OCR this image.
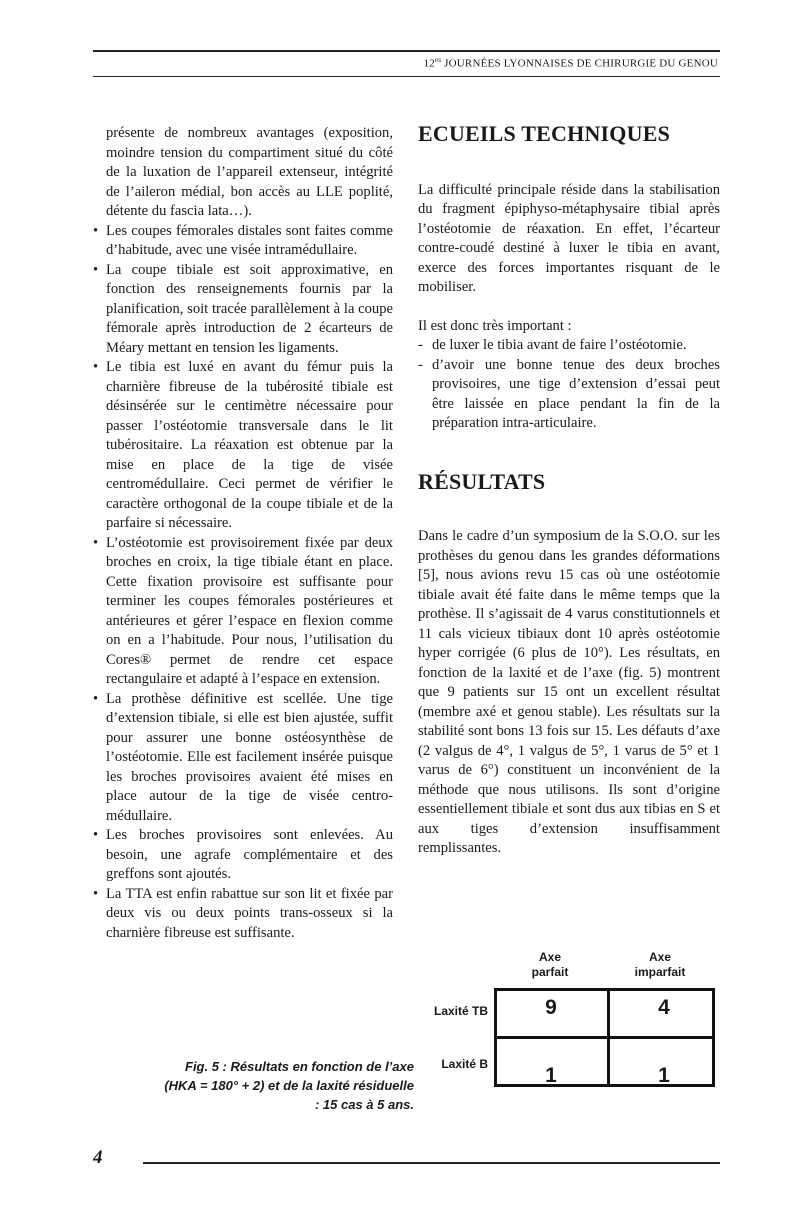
$12^{es}$ JOURNÉES LYONNAISES DE CHIRURGIE DU GENOU

présente de nombreux avantages (exposition, moindre tension du compartiment situé du côté de la luxation de l’appareil extenseur, intégrité de l’aileron médial, bon accès au LLE poplité, détente du fascia lata…).

• Les coupes fémorales distales sont faites comme d’habitude, avec une visée intramédullaire.
• La coupe tibiale est soit approximative, en fonction des renseignements fournis par la planification, soit tracée parallèlement à la coupe fémorale après introduction de 2 écarteurs de Méary mettant en tension les ligaments.
• Le tibia est luxé en avant du fémur puis la charnière fibreuse de la tubérosité tibiale est désinsérée sur le centimètre nécessaire pour passer l’ostéotomie transversale dans le lit tubérositaire. La réaxation est obtenue par la mise en place de la tige de visée centromédullaire. Ceci permet de vérifier le caractère orthogonal de la coupe tibiale et de la parfaire si nécessaire.
• L’ostéotomie est provisoirement fixée par deux broches en croix, la tige tibiale étant en place. Cette fixation provisoire est suffisante pour terminer les coupes fémorales postérieures et antérieures et gérer l’espace en flexion comme on en a l’habitude. Pour nous, l’utilisation du Cores® permet de rendre cet espace rectangulaire et adapté à l’espace en extension.
• La prothèse définitive est scellée. Une tige d’extension tibiale, si elle est bien ajustée, suffit pour assurer une bonne ostéosynthèse de l’ostéotomie. Elle est facilement insérée puisque les broches provisoires avaient été mises en place autour de la tige de visée centro-médullaire.
• Les broches provisoires sont enlevées. Au besoin, une agrafe complémentaire et des greffons sont ajoutés.
• La TTA est enfin rabattue sur son lit et fixée par deux vis ou deux points trans-osseux si la charnière fibreuse est suffisante.
ECUEILS TECHNIQUES

La difficulté principale réside dans la stabilisation du fragment épiphyso-métaphysaire tibial après l’ostéotomie de réaxation. En effet, l’écarteur contre-coudé destiné à luxer le tibia en avant, exerce des forces importantes risquant de le mobiliser.

Il est donc très important :

- de luxer le tibia avant de faire l’ostéotomie.
- d’avoir une bonne tenue des deux broches provisoires, une tige d’extension d’essai peut être laissée en place pendant la fin de la préparation intra-articulaire.
RÉSULTATS

Dans le cadre d’un symposium de la S.O.O. sur les prothèses du genou dans les grandes déformations [5], nous avions revu 15 cas où une ostéotomie tibiale avait été faite dans le même temps que la prothèse. Il s’agissait de 4 varus constitutionnels et 11 cals vicieux tibiaux dont 10 après ostéotomie hyper corrigée (6 plus de 10°). Les résultats, en fonction de la laxité et de l’axe (fig. 5) montrent que 9 patients sur 15 ont un excellent résultat (membre axé et genou stable). Les résultats sur la stabilité sont bons 13 fois sur 15. Les défauts d’axe (2 valgus de 4°, 1 valgus de 5°, 1 varus de 5° et 1 varus de 6°) constituent un inconvénient de la méthode que nous utilisons. Ils sont d’origine essentiellement tibiale et sont dus aux tibias en S et aux tiges d’extension insuffisamment remplissantes.

Axe
parfait
Axe
imparfait
Laxité TB
Laxité B
9	4
1	1
Fig. 5 : Résultats en fonction de l’axe (HKA = 180° + 2) et de la laxité résiduelle : 15 cas à 5 ans.
4
